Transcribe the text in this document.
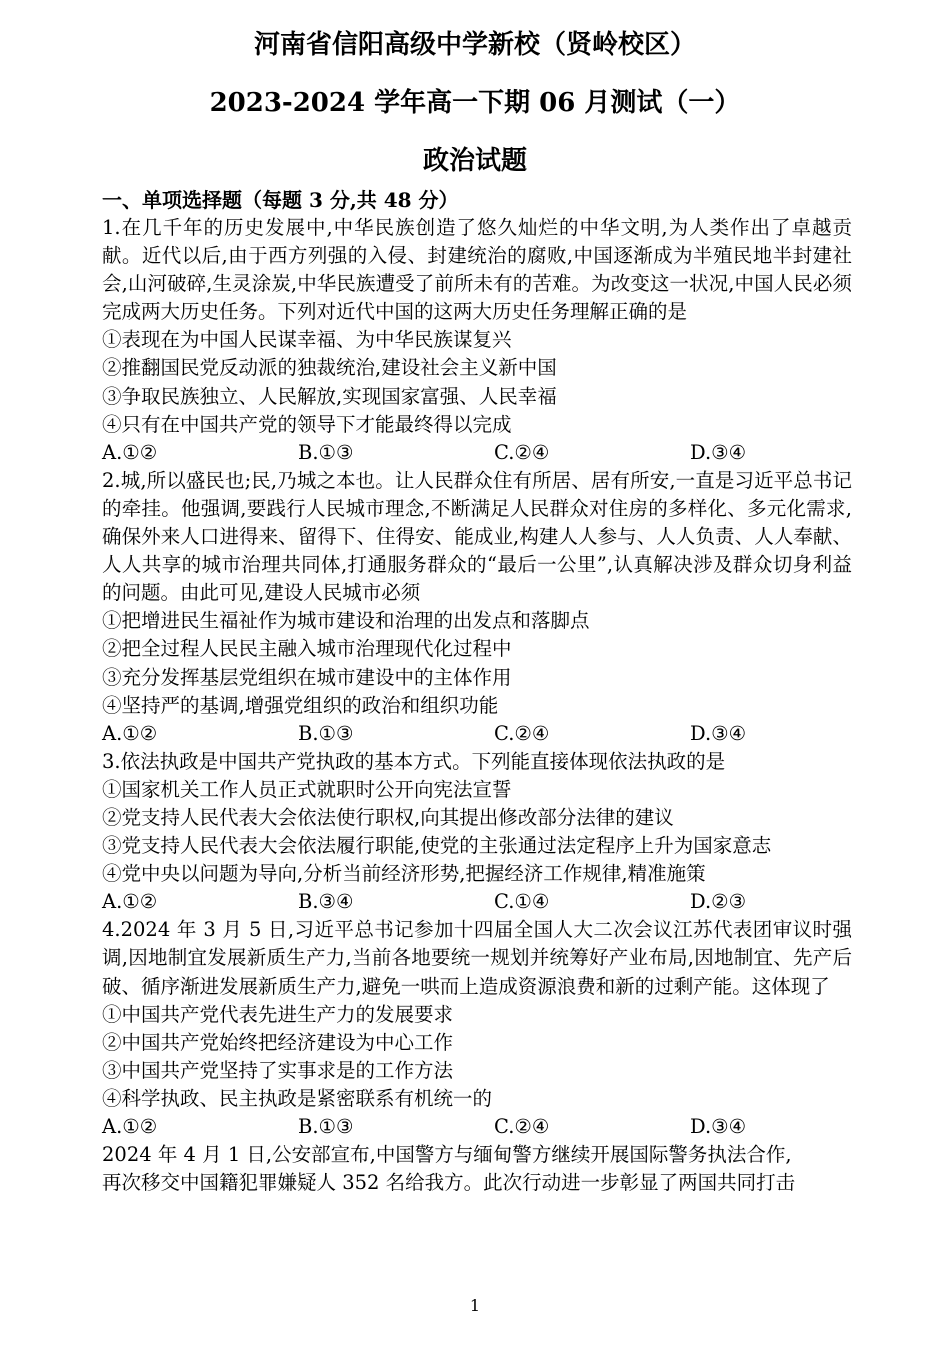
河南省信阳高级中学新校（贤岭校区）
2023-2024 学年高一下期 06 月测试（一）
政治试题
一、单项选择题（每题 3 分,共 48 分）

1.在几千年的历史发展中,中华民族创造了悠久灿烂的中华文明,为人类作出了卓越贡献。近代以后,由于西方列强的入侵、封建统治的腐败,中国逐渐成为半殖民地半封建社会,山河破碎,生灵涂炭,中华民族遭受了前所未有的苦难。为改变这一状况,中国人民必须完成两大历史任务。下列对近代中国的这两大历史任务理解正确的是

①表现在为中国人民谋幸福、为中华民族谋复兴

②推翻国民党反动派的独裁统治,建设社会主义新中国

③争取民族独立、人民解放,实现国家富强、人民幸福

④只有在中国共产党的领导下才能最终得以完成

A.①②	B.①③	C.②④	D.③④

2.城,所以盛民也;民,乃城之本也。让人民群众住有所居、居有所安,一直是习近平总书记的牵挂。他强调,要践行人民城市理念,不断满足人民群众对住房的多样化、多元化需求,确保外来人口进得来、留得下、住得安、能成业,构建人人参与、人人负责、人人奉献、人人共享的城市治理共同体,打通服务群众的“最后一公里”,认真解决涉及群众切身利益的问题。由此可见,建设人民城市必须

①把增进民生福祉作为城市建设和治理的出发点和落脚点

②把全过程人民民主融入城市治理现代化过程中

③充分发挥基层党组织在城市建设中的主体作用

④坚持严的基调,增强党组织的政治和组织功能

A.①②	B.①③	C.②④	D.③④

3.依法执政是中国共产党执政的基本方式。下列能直接体现依法执政的是

①国家机关工作人员正式就职时公开向宪法宣誓

②党支持人民代表大会依法使行职权,向其提出修改部分法律的建议

③党支持人民代表大会依法履行职能,使党的主张通过法定程序上升为国家意志

④党中央以问题为导向,分析当前经济形势,把握经济工作规律,精准施策

A.①②	B.③④	C.①④	D.②③

4.2024 年 3 月 5 日,习近平总书记参加十四届全国人大二次会议江苏代表团审议时强调,因地制宜发展新质生产力,当前各地要统一规划并统筹好产业布局,因地制宜、先产后破、循序渐进发展新质生产力,避免一哄而上造成资源浪费和新的过剩产能。这体现了

①中国共产党代表先进生产力的发展要求

②中国共产党始终把经济建设为中心工作

③中国共产党坚持了实事求是的工作方法

④科学执政、民主执政是紧密联系有机统一的

A.①②	B.①③	C.②④	D.③④

2024 年 4 月 1 日,公安部宣布,中国警方与缅甸警方继续开展国际警务执法合作,

再次移交中国籍犯罪嫌疑人 352 名给我方。此次行动进一步彰显了两国共同打击

1
